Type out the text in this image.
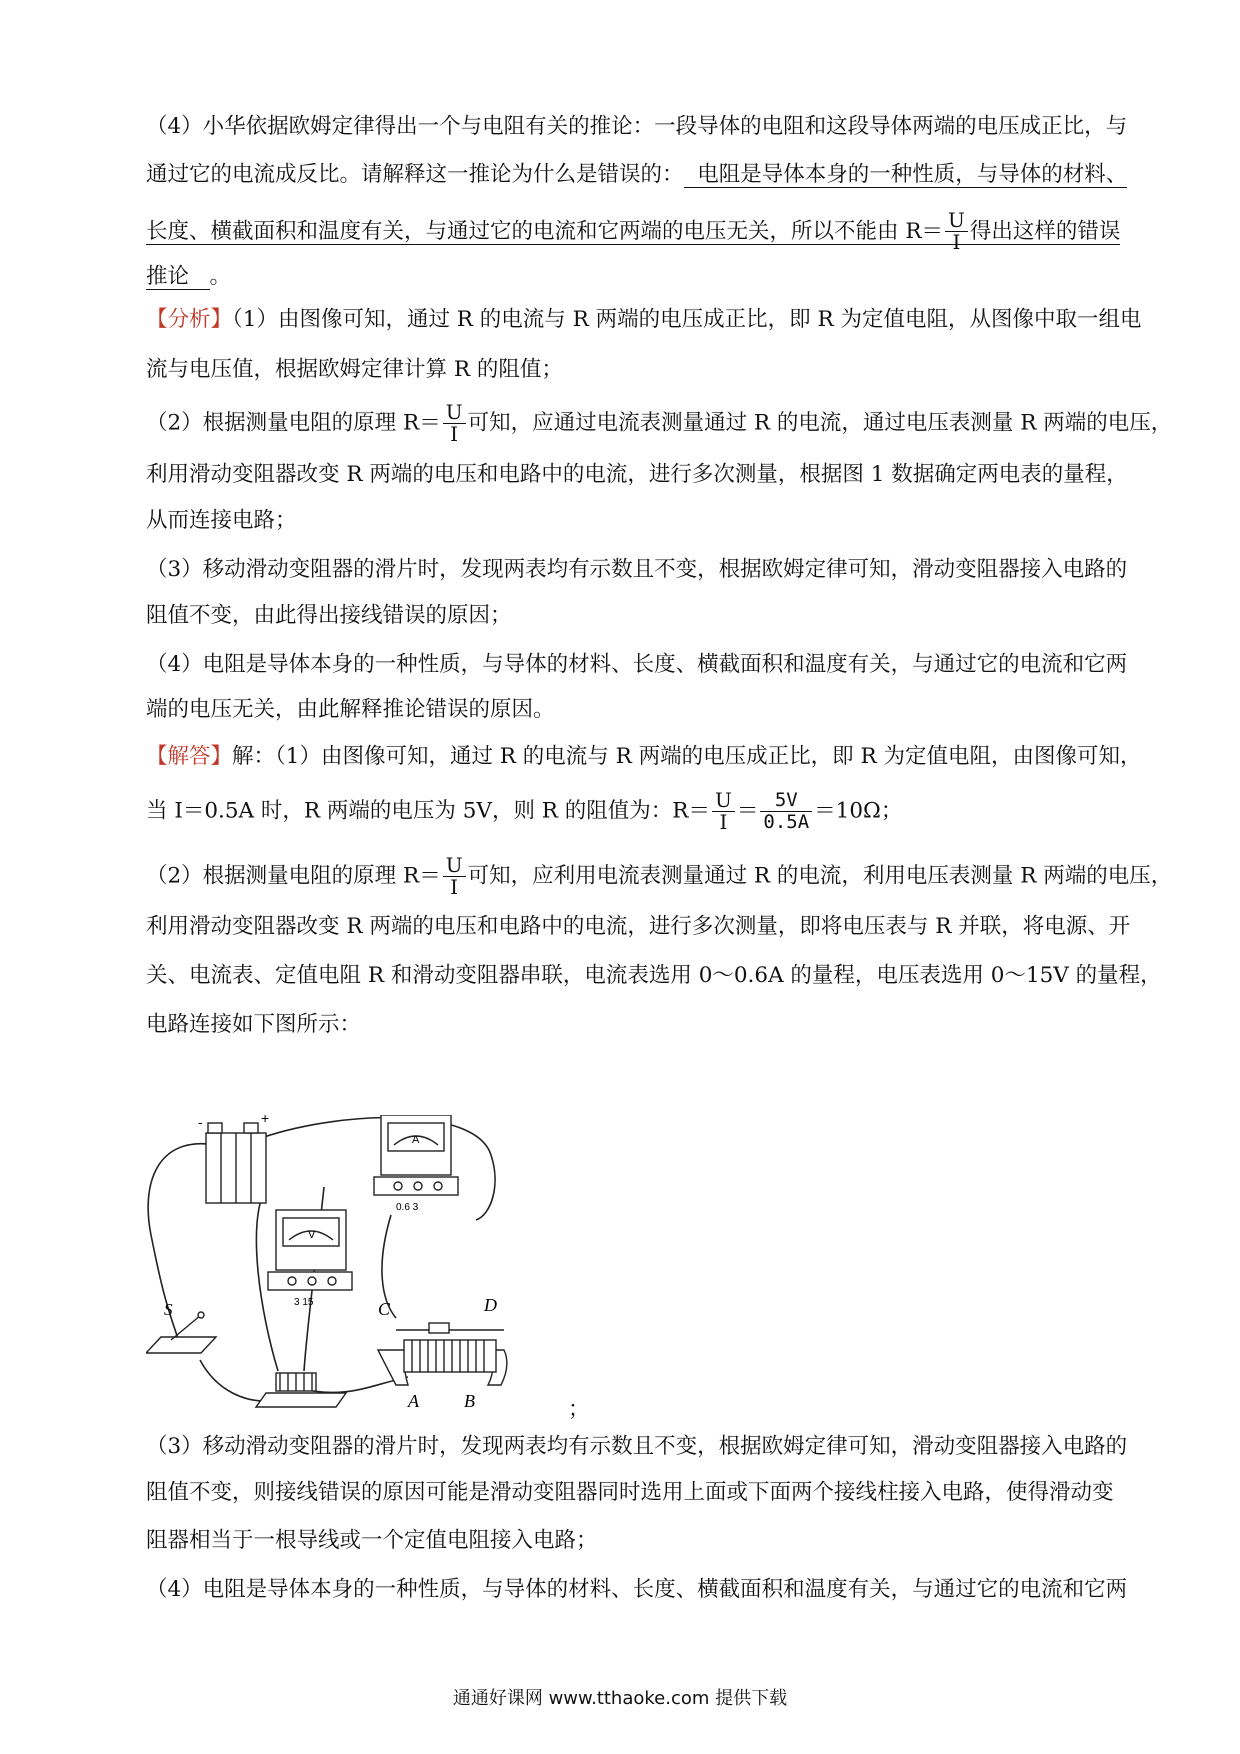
（4）小华依据欧姆定律得出一个与电阻有关的推论：一段导体的电阻和这段导体两端的电压成正比，与
通过它的电流成反比。请解释这一推论为什么是错误的： 电阻是导体本身的一种性质，与导体的材料、
长度、横截面积和温度有关，与通过它的电流和它两端的电压无关，所以不能由 $R= \frac{U}{I}$ 得出这样的错误
推论 。
【分析】（1）由图像可知，通过 R 的电流与 R 两端的电压成正比，即 R 为定值电阻，从图像中取一组电
流与电压值，根据欧姆定律计算 R 的阻值；
（2）根据测量电阻的原理 $R= \frac{U}{I}$ 可知，应通过电流表测量通过 R 的电流，通过电压表测量 R 两端的电压，
利用滑动变阻器改变 R 两端的电压和电路中的电流，进行多次测量，根据图 1 数据确定两电表的量程，
从而连接电路；
（3）移动滑动变阻器的滑片时，发现两表均有示数且不变，根据欧姆定律可知，滑动变阻器接入电路的
阻值不变，由此得出接线错误的原因；
（4）电阻是导体本身的一种性质，与导体的材料、长度、横截面积和温度有关，与通过它的电流和它两
端的电压无关，由此解释推论错误的原因。
【解答】解：（1）由图像可知，通过 R 的电流与 R 两端的电压成正比，即 R 为定值电阻，由图像可知，
当 I＝0.5A 时，R 两端的电压为 5V，则 R 的阻值为：$R= \frac{U}{I} = \frac{5V}{0.5A} =10\Omega$；
（2）根据测量电阻的原理 $R= \frac{U}{I}$ 可知，应利用电流表测量通过 R 的电流，利用电压表测量 R 两端的电压，
利用滑动变阻器改变 R 两端的电压和电路中的电流，进行多次测量，即将电压表与 R 并联，将电源、开
关、电流表、定值电阻 R 和滑动变阻器串联，电流表选用 0～0.6A 的量程，电压表选用 0～15V 的量程，
电路连接如下图所示：
-	+
A
0.6 3
V
3 15
S	C	D
A	B	；
（3）移动滑动变阻器的滑片时，发现两表均有示数且不变，根据欧姆定律可知，滑动变阻器接入电路的
阻值不变，则接线错误的原因可能是滑动变阻器同时选用上面或下面两个接线柱接入电路，使得滑动变
阻器相当于一根导线或一个定值电阻接入电路；
（4）电阻是导体本身的一种性质，与导体的材料、长度、横截面积和温度有关，与通过它的电流和它两
通通好课网 www.tthaoke.com 提供下载
